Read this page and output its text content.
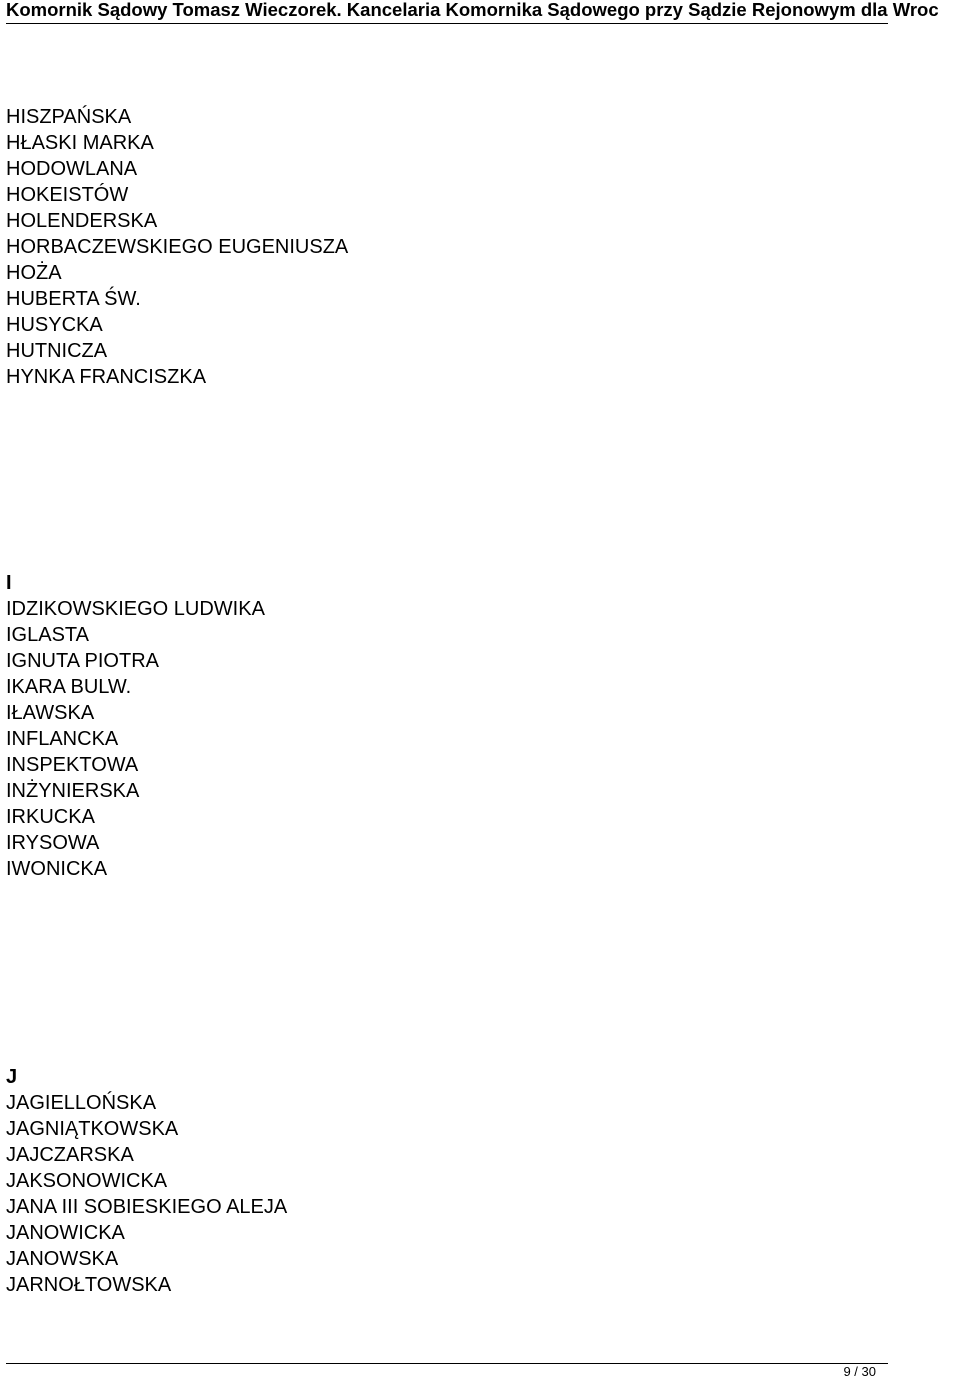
Komornik Sądowy Tomasz Wieczorek. Kancelaria Komornika Sądowego przy Sądzie Rejonowym dla Wroc
HISZPAŃSKA
HŁASKI MARKA
HODOWLANA
HOKEISTÓW
HOLENDERSKA
HORBACZEWSKIEGO EUGENIUSZA
HOŻA
HUBERTA ŚW.
HUSYCKA
HUTNICZA
HYNKA FRANCISZKA
I
IDZIKOWSKIEGO LUDWIKA
IGLASTA
IGNUTA PIOTRA
IKARA BULW.
IŁAWSKA
INFLANCKA
INSPEKTOWA
INŻYNIERSKA
IRKUCKA
IRYSOWA
IWONICKA
J
JAGIELLOŃSKA
JAGNIĄTKOWSKA
JAJCZARSKA
JAKSONOWICKA
JANA III SOBIESKIEGO ALEJA
JANOWICKA
JANOWSKA
JARNOŁTOWSKA
9 / 30
